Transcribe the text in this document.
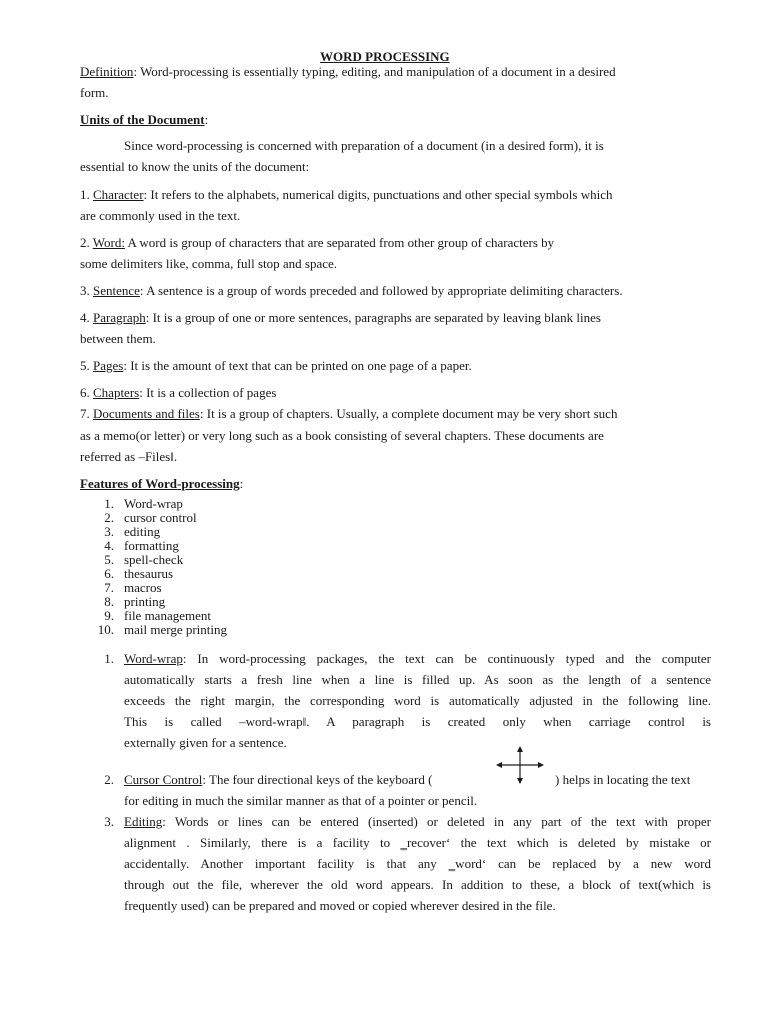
WORD PROCESSING
Definition: Word-processing is essentially typing, editing, and manipulation of a document in a desired
form.
Units of the Document:
Since word-processing is concerned with preparation of a document (in a desired form), it is
essential to know the units of the document:
1. Character: It refers to the alphabets, numerical digits, punctuations and other special symbols which
are commonly used in the text.
2. Word: A word is group of characters that are separated from other group of characters by
some delimiters like, comma, full stop and space.
3. Sentence: A sentence is a group of words preceded and followed by appropriate delimiting characters.
4. Paragraph: It is a group of one or more sentences, paragraphs are separated by leaving blank lines
between them.
5. Pages: It is the amount of text that can be printed on one page of a paper.
6. Chapters: It is a collection of pages
7. Documents and files: It is a group of chapters. Usually, a complete document may be very short such
as a memo(or letter) or very long such as a book consisting of several chapters. These documents are
referred as –Files‖.
Features of Word-processing:
1. Word-wrap
2. cursor control
3. editing
4. formatting
5. spell-check
6. thesaurus
7. macros
8. printing
9. file management
10. mail merge printing
1. Word-wrap: In word-processing packages, the text can be continuously typed and the computer
automatically starts a fresh line when a line is filled up. As soon as the length of a sentence
exceeds the right margin, the corresponding word is automatically adjusted in the following line.
This is called –word-wrap‖. A paragraph is created only when carriage control is
externally given for a sentence.
2. Cursor Control: The four directional keys of the keyboard (	) helps in locating the text
for editing in much the similar manner as that of a pointer or pencil.
3. Editing: Words or lines can be entered (inserted) or deleted in any part of the text with proper
alignment . Similarly, there is a facility to ‗recover‘ the text which is deleted by mistake or
accidentally. Another important facility is that any ‗word‘ can be replaced by a new word
through out the file, wherever the old word appears. In addition to these, a block of text(which is
frequently used) can be prepared and moved or copied wherever desired in the file.
